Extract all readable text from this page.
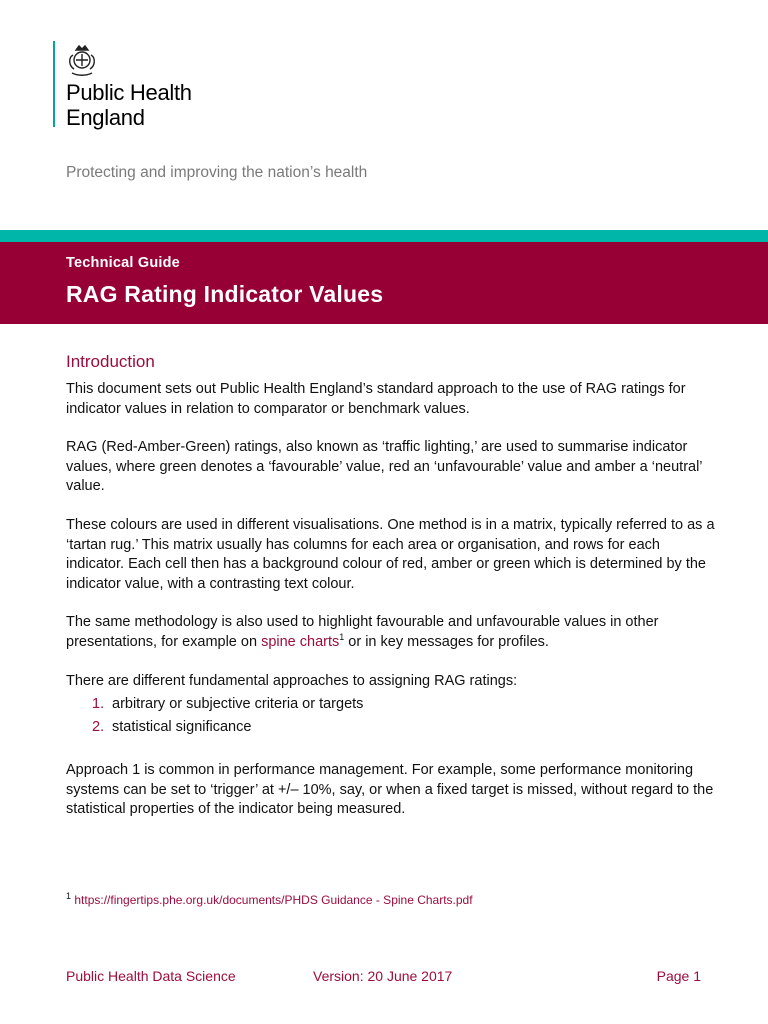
Public Health
England
Protecting and improving the nation’s health
Technical Guide
RAG Rating Indicator Values
Introduction
This document sets out Public Health England’s standard approach to the use of RAG ratings for indicator values in relation to comparator or benchmark values.
RAG (Red-Amber-Green) ratings, also known as ‘traffic lighting,’ are used to summarise indicator values, where green denotes a ‘favourable’ value, red an ‘unfavourable’ value and amber a ‘neutral’ value.
These colours are used in different visualisations. One method is in a matrix, typically referred to as a ‘tartan rug.’ This matrix usually has columns for each area or organisation, and rows for each indicator. Each cell then has a background colour of red, amber or green which is determined by the indicator value, with a contrasting text colour.
The same methodology is also used to highlight favourable and unfavourable values in other presentations, for example on spine charts$^1$ or in key messages for profiles.
There are different fundamental approaches to assigning RAG ratings:
1. arbitrary or subjective criteria or targets
2. statistical significance
Approach 1 is common in performance management. For example, some performance monitoring systems can be set to ‘trigger’ at +/– 10%, say, or when a fixed target is missed, without regard to the statistical properties of the indicator being measured.
$^1$ https://fingertips.phe.org.uk/documents/PHDS Guidance - Spine Charts.pdf
Public Health Data Science	Version: 20 June 2017	Page 1
